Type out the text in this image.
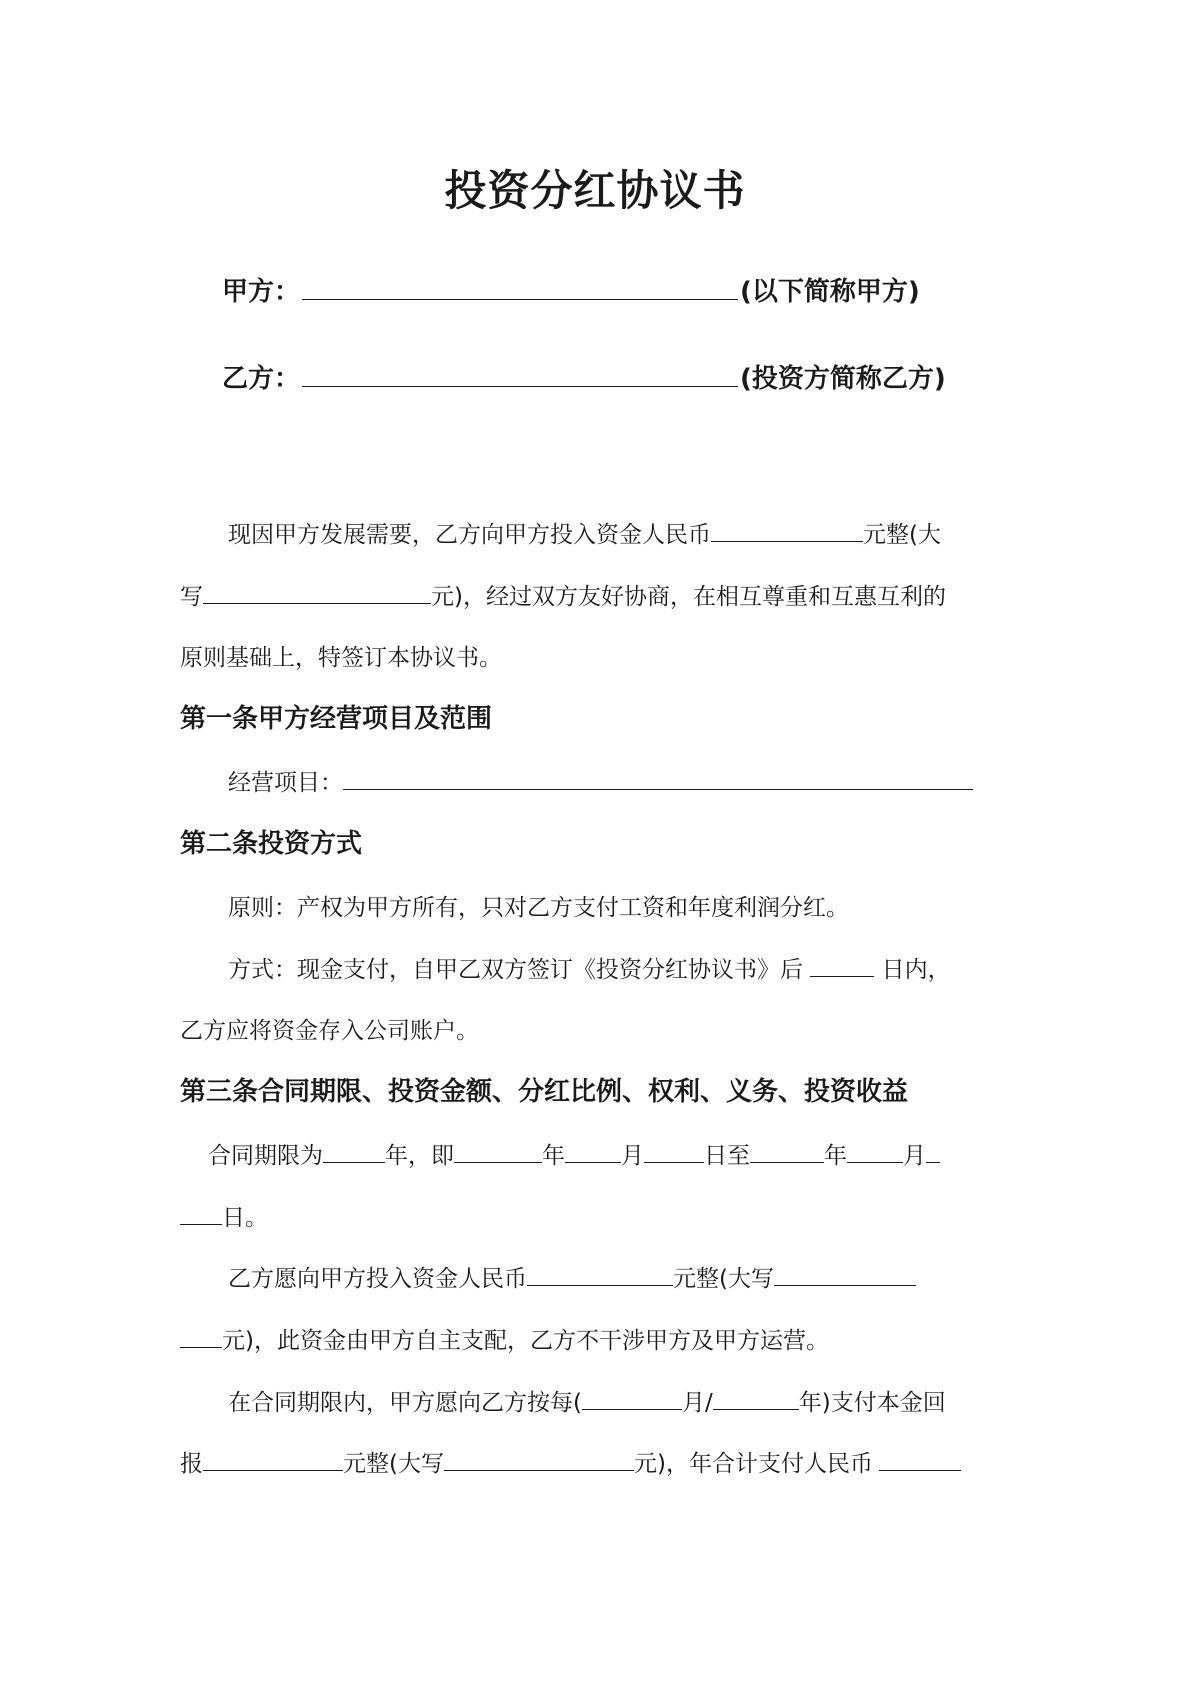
投资分红协议书
甲方：	(以下简称甲方)
乙方：	(投资方简称乙方)
现因甲方发展需要，乙方向甲方投入资金人民币	元整(大
写	元)，经过双方友好协商，在相互尊重和互惠互利的
原则基础上，特签订本协议书。
第一条甲方经营项目及范围
经营项目：
第二条投资方式
原则：产权为甲方所有，只对乙方支付工资和年度利润分红。
方式：现金支付，自甲乙双方签订《投资分红协议书》后	日内，
乙方应将资金存入公司账户。
第三条合同期限、投资金额、分红比例、权利、义务、投资收益
合同期限为	年，即	年 月	日至	年 月
日。
乙方愿向甲方投入资金人民币	元整(大写
元)，此资金由甲方自主支配，乙方不干涉甲方及甲方运营。
在合同期限内，甲方愿向乙方按每(	月/	年)支付本金回
报	元整(大写	元)，年合计支付人民币
